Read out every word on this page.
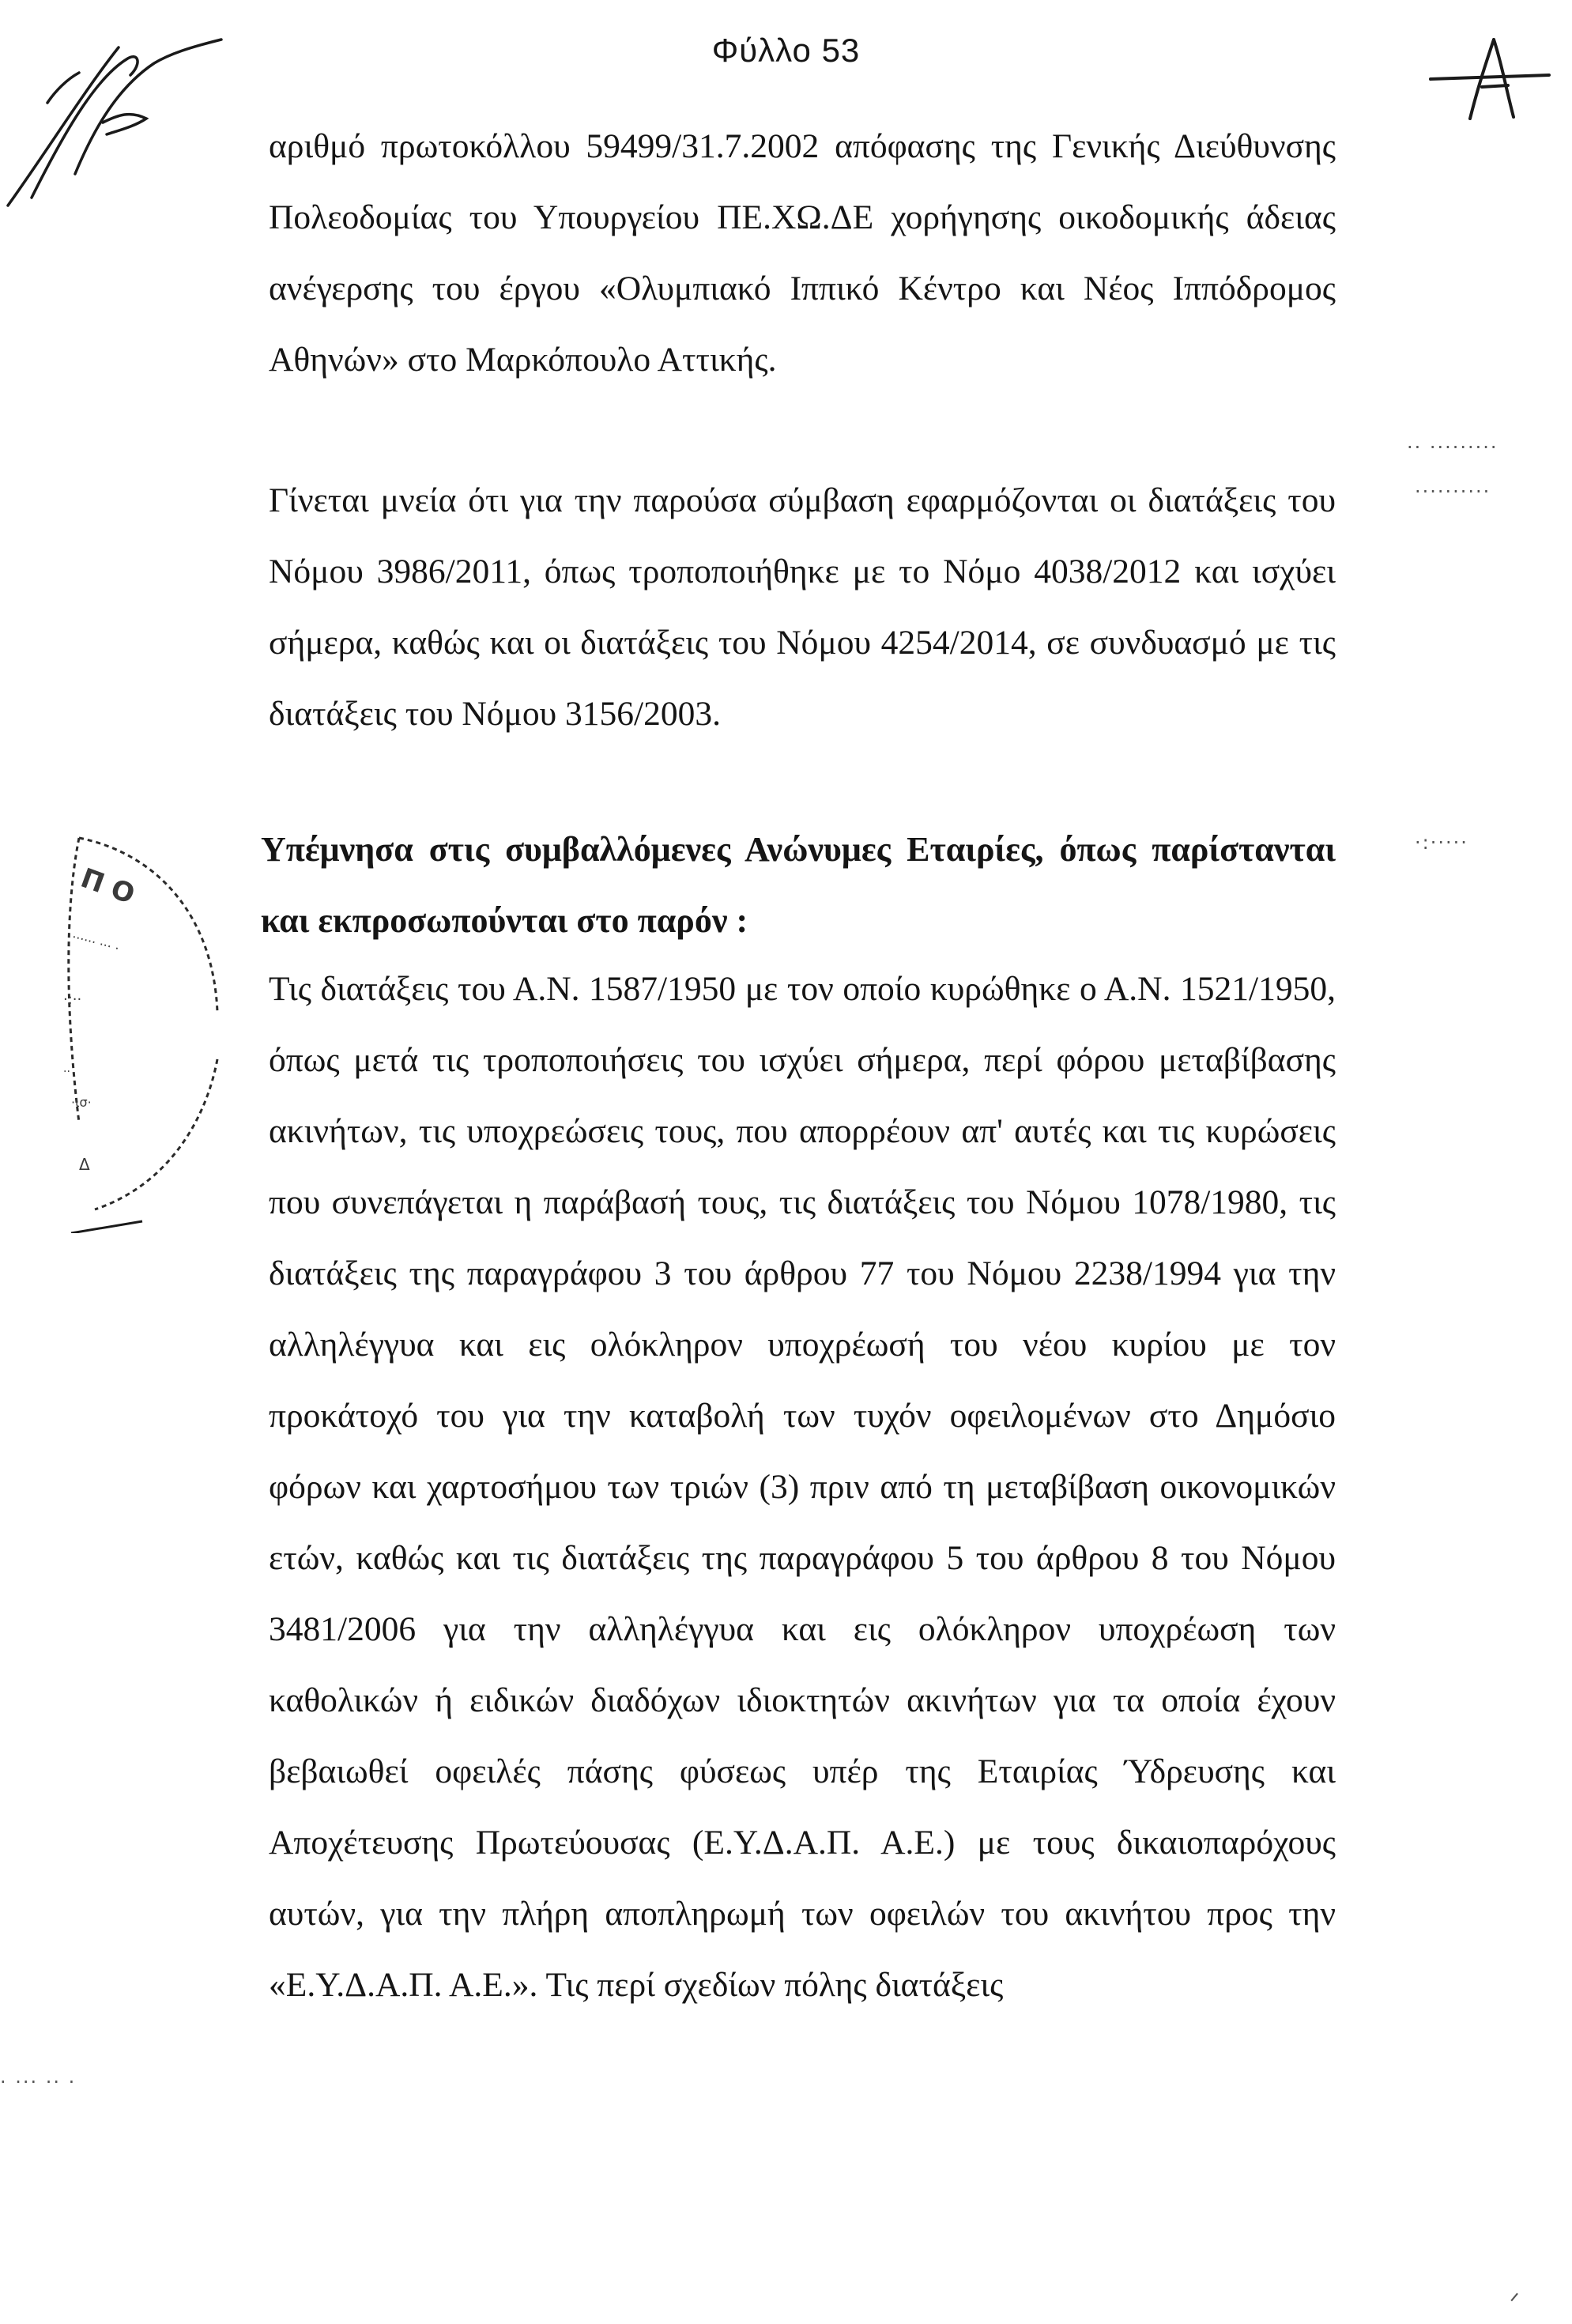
Φύλλο 53

αριθμό πρωτοκόλλου 59499/31.7.2002 απόφασης της Γενικής Διεύθυνσης Πολεοδομίας του Υπουργείου ΠΕ.ΧΩ.ΔΕ χορήγησης οικοδομικής άδειας ανέγερσης του έργου «Ολυμπιακό Ιππικό Κέντρο και Νέος Ιππόδρομος Αθηνών» στο Μαρκόπουλο Αττικής.

·· ·········
··········

Γίνεται μνεία ότι για την παρούσα σύμβαση εφαρμόζονται οι διατάξεις του Νόμου 3986/2011, όπως τροποποιήθηκε με το Νόμο 4038/2012 και ισχύει σήμερα, καθώς και οι διατάξεις του Νόμου 4254/2014, σε συνδυασμό με τις διατάξεις του Νόμου 3156/2003.

Υπέμνησα στις συμβαλλόμενες Ανώνυμες Εταιρίες, όπως παρίστανται και εκπροσωπούνται στο παρόν :

·:·····
Π Ο
······ ··· ·
·:··
··
·ισ·
Δ

Τις διατάξεις του Α.Ν. 1587/1950 με τον οποίο κυρώθηκε ο Α.Ν. 1521/1950, όπως μετά τις τροποποιήσεις του ισχύει σήμερα, περί φόρου μεταβίβασης ακινήτων, τις υποχρεώσεις τους, που απορρέουν απ' αυτές και τις κυρώσεις που συνεπάγεται η παράβασή τους, τις διατάξεις του Νόμου 1078/1980, τις διατάξεις της παραγράφου 3 του άρθρου 77 του Νόμου 2238/1994 για την αλληλέγγυα και εις ολόκληρον υποχρέωσή του νέου κυρίου με τον προκάτοχό του για την καταβολή των τυχόν οφειλομένων στο Δημόσιο φόρων και χαρτοσήμου των τριών (3) πριν από τη μεταβίβαση οικονομικών ετών, καθώς και τις διατάξεις της παραγράφου 5 του άρθρου 8 του Νόμου 3481/2006 για την αλληλέγγυα και εις ολόκληρον υποχρέωση των καθολικών ή ειδικών διαδόχων ιδιοκτητών ακινήτων για τα οποία έχουν βεβαιωθεί οφειλές πάσης φύσεως υπέρ της Εταιρίας Ύδρευσης και Αποχέτευσης Πρωτεύουσας (Ε.Υ.Δ.Α.Π. Α.Ε.) με τους δικαιοπαρόχους αυτών, για την πλήρη αποπληρωμή των οφειλών του ακινήτου προς την «Ε.Υ.Δ.Α.Π. Α.Ε.». Τις περί σχεδίων πόλης διατάξεις

· ··· ·· ·
ᐟ
